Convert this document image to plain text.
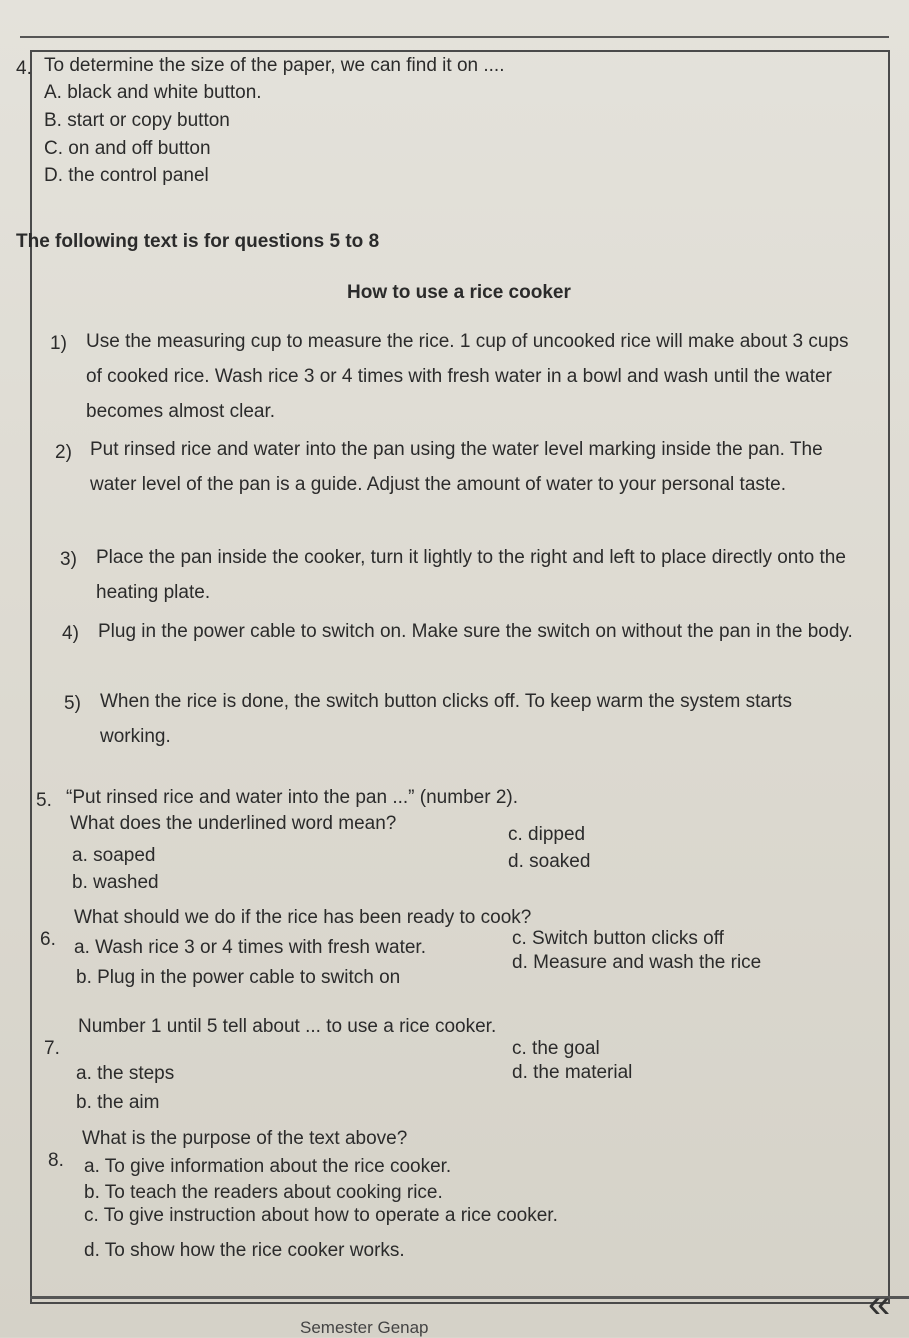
4. To determine the size of the paper, we can find it on ....
A. black and white button.
B. start or copy button
C. on and off button
D. the control panel
The following text is for questions 5 to 8
How to use a rice cooker
1) Use the measuring cup to measure the rice. 1 cup of uncooked rice will make about 3 cups of cooked rice. Wash rice 3 or 4 times with fresh water in a bowl and wash until the water becomes almost clear.
2) Put rinsed rice and water into the pan using the water level marking inside the pan. The water level of the pan is a guide. Adjust the amount of water to your personal taste.
3) Place the pan inside the cooker, turn it lightly to the right and left to place directly onto the heating plate.
4) Plug in the power cable to switch on. Make sure the switch on without the pan in the body.
5) When the rice is done, the switch button clicks off. To keep warm the system starts working.
5. “Put rinsed rice and water into the pan ...” (number 2).
What does the underlined word mean?
a. soaped
b. washed
c. dipped
d. soaked
6.
What should we do if the rice has been ready to cook?
a. Wash rice 3 or 4 times with fresh water.
b. Plug in the power cable to switch on
c. Switch button clicks off
d. Measure and wash the rice
7.
Number 1 until 5 tell about ... to use a rice cooker.
a. the steps
b. the aim
c. the goal
d. the material
8.
What is the purpose of the text above?
a. To give information about the rice cooker.
b. To teach the readers about cooking rice.
c. To give instruction about how to operate a rice cooker.
d. To show how the rice cooker works.
«
Semester Genap
